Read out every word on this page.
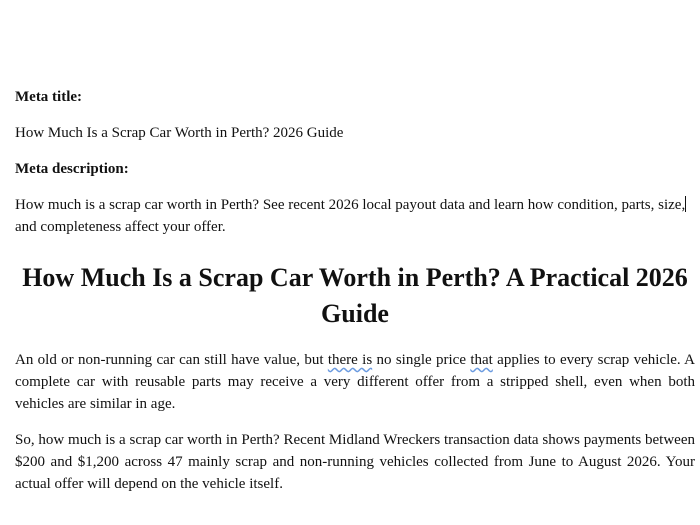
Meta title:
How Much Is a Scrap Car Worth in Perth? 2026 Guide
Meta description:
How much is a scrap car worth in Perth? See recent 2026 local payout data and learn how condition, parts, size,and completeness affect your offer.
How Much Is a Scrap Car Worth in Perth? A Practical 2026 Guide
An old or non-running car can still have value, but there is no single price that applies to every scrap vehicle. A complete car with reusable parts may receive a very different offer from a stripped shell, even when both vehicles are similar in age.
So, how much is a scrap car worth in Perth? Recent Midland Wreckers transaction data shows payments between $200 and $1,200 across 47 mainly scrap and non-running vehicles collected from June to August 2026. Your actual offer will depend on the vehicle itself.
